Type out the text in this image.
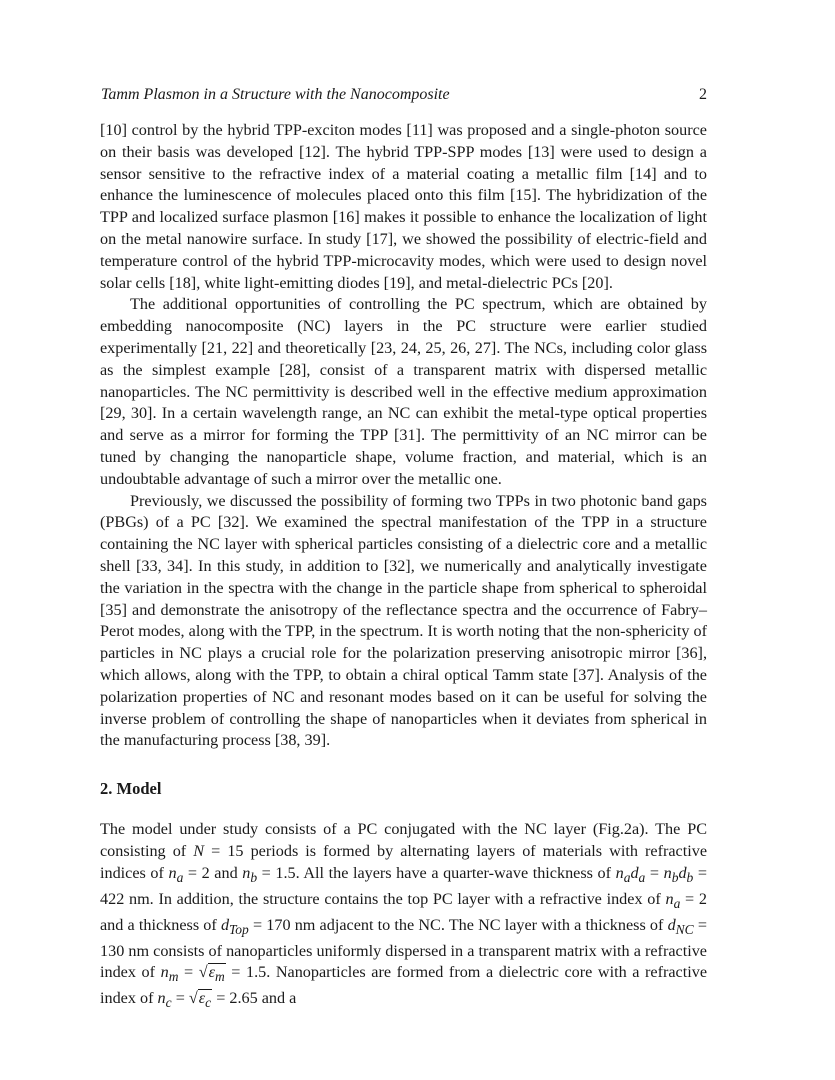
Tamm Plasmon in a Structure with the Nanocomposite	2

[10] control by the hybrid TPP-exciton modes [11] was proposed and a single-photon source on their basis was developed [12]. The hybrid TPP-SPP modes [13] were used to design a sensor sensitive to the refractive index of a material coating a metallic film [14] and to enhance the luminescence of molecules placed onto this film [15]. The hybridization of the TPP and localized surface plasmon [16] makes it possible to enhance the localization of light on the metal nanowire surface. In study [17], we showed the possibility of electric-field and temperature control of the hybrid TPP-microcavity modes, which were used to design novel solar cells [18], white light-emitting diodes [19], and metal-dielectric PCs [20].

The additional opportunities of controlling the PC spectrum, which are obtained by embedding nanocomposite (NC) layers in the PC structure were earlier studied experimentally [21, 22] and theoretically [23, 24, 25, 26, 27]. The NCs, including color glass as the simplest example [28], consist of a transparent matrix with dispersed metallic nanoparticles. The NC permittivity is described well in the effective medium approximation [29, 30]. In a certain wavelength range, an NC can exhibit the metal-type optical properties and serve as a mirror for forming the TPP [31]. The permittivity of an NC mirror can be tuned by changing the nanoparticle shape, volume fraction, and material, which is an undoubtable advantage of such a mirror over the metallic one.

Previously, we discussed the possibility of forming two TPPs in two photonic band gaps (PBGs) of a PC [32]. We examined the spectral manifestation of the TPP in a structure containing the NC layer with spherical particles consisting of a dielectric core and a metallic shell [33, 34]. In this study, in addition to [32], we numerically and analytically investigate the variation in the spectra with the change in the particle shape from spherical to spheroidal [35] and demonstrate the anisotropy of the reflectance spectra and the occurrence of Fabry–Perot modes, along with the TPP, in the spectrum. It is worth noting that the non-sphericity of particles in NC plays a crucial role for the polarization preserving anisotropic mirror [36], which allows, along with the TPP, to obtain a chiral optical Tamm state [37]. Analysis of the polarization properties of NC and resonant modes based on it can be useful for solving the inverse problem of controlling the shape of nanoparticles when it deviates from spherical in the manufacturing process [38, 39].

2. Model

The model under study consists of a PC conjugated with the NC layer (Fig.2a). The PC consisting of N = 15 periods is formed by alternating layers of materials with refractive indices of $n_a = 2$ and $n_b = 1.5$. All the layers have a quarter-wave thickness of $n_ad_a = n_bd_b = 422$ nm. In addition, the structure contains the top PC layer with a refractive index of $n_a = 2$ and a thickness of $d_{Top} = 170$ nm adjacent to the NC. The NC layer with a thickness of $d_{NC} = 130$ nm consists of nanoparticles uniformly dispersed in a transparent matrix with a refractive index of $n_m = √\varepsilon_m = 1.5$. Nanoparticles are formed from a dielectric core with a refractive index of $n_c = √\varepsilon_c = 2.65$ and a
